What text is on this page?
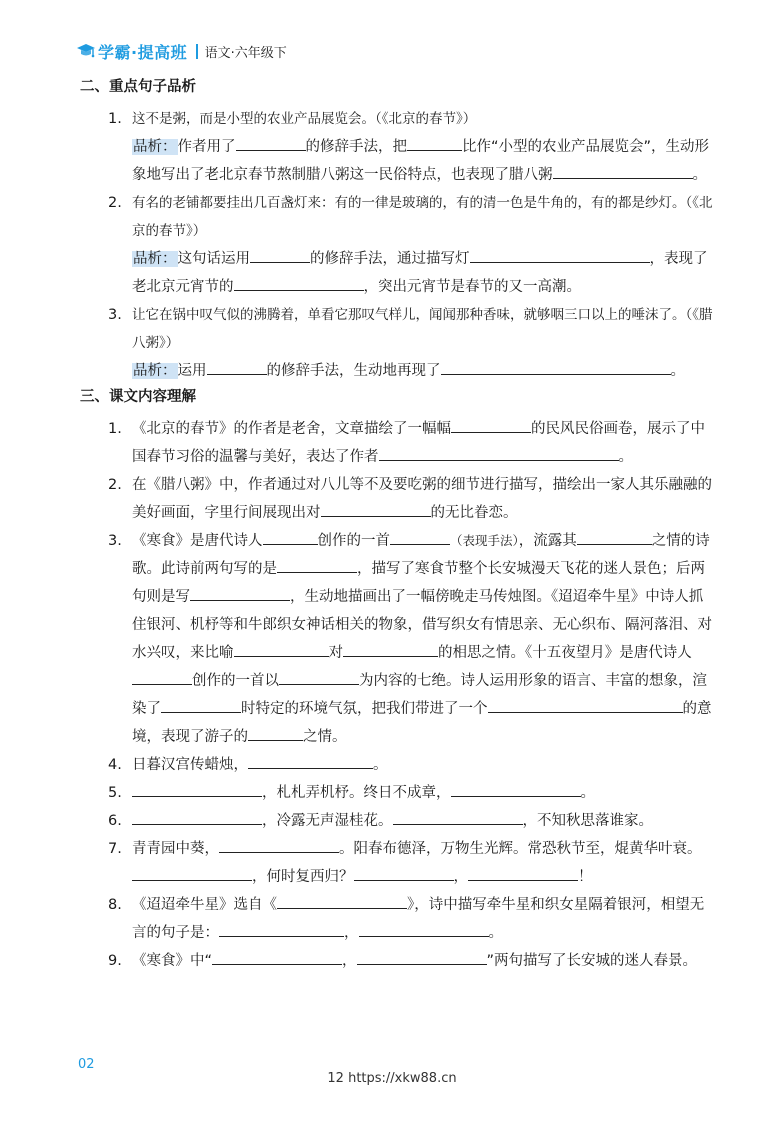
学霸·提高班 语文·六年级下
二、重点句子品析
1. 这不是粥，而是小型的农业产品展览会。（《北京的春节》）
品析：作者用了	的修辞手法，把	比作“小型的农业产品展览会”，生动形象地写出了老北京春节熬制腊八粥这一民俗特点，也表现了腊八粥	。
2. 有名的老铺都要挂出几百盏灯来：有的一律是玻璃的，有的清一色是牛角的，有的都是纱灯。（《北京的春节》）
品析：这句话运用	的修辞手法，通过描写灯	，表现了老北京元宵节的	，突出元宵节是春节的又一高潮。
3. 让它在锅中叹气似的沸腾着，单看它那叹气样儿，闻闻那种香味，就够咽三口以上的唾沫了。（《腊八粥》）
品析：运用	的修辞手法，生动地再现了	。
三、课文内容理解
1. 《北京的春节》的作者是老舍，文章描绘了一幅幅	的民风民俗画卷，展示了中国春节习俗的温馨与美好，表达了作者	。
2. 在《腊八粥》中，作者通过对八儿等不及要吃粥的细节进行描写，描绘出一家人其乐融融的美好画面，字里行间展现出对	的无比眷恋。
3. 《寒食》是唐代诗人	创作的一首	（表现手法），流露其	之情的诗歌。此诗前两句写的是	，描写了寒食节整个长安城漫天飞花的迷人景色；后两句则是写	，生动地描画出了一幅傍晚走马传烛图。《迢迢牵牛星》中诗人抓住银河、机杼等和牛郎织女神话相关的物象，借写织女有情思亲、无心织布、隔河落泪、对水兴叹，来比喻	对	的相思之情。《十五夜望月》是唐代诗人创作的一首以	为内容的七绝。诗人运用形象的语言、丰富的想象，渲染了	时特定的环境气氛，把我们带进了一个	的意境，表现了游子的	之情。
4. 日暮汉宫传蜡烛，	。
5.	，札札弄机杼。终日不成章，	。
6.	，冷露无声湿桂花。	，不知秋思落谁家。
7. 青青园中葵，	。阳春布德泽，万物生光辉。常恐秋节至，焜黄华叶衰。，何时复西归？	，	！
8. 《迢迢牵牛星》选自《	》，诗中描写牵牛星和织女星隔着银河，相望无言的句子是：	，	。
9. 《寒食》中“	，	”两句描写了长安城的迷人春景。
02
12 https://xkw88.cn
